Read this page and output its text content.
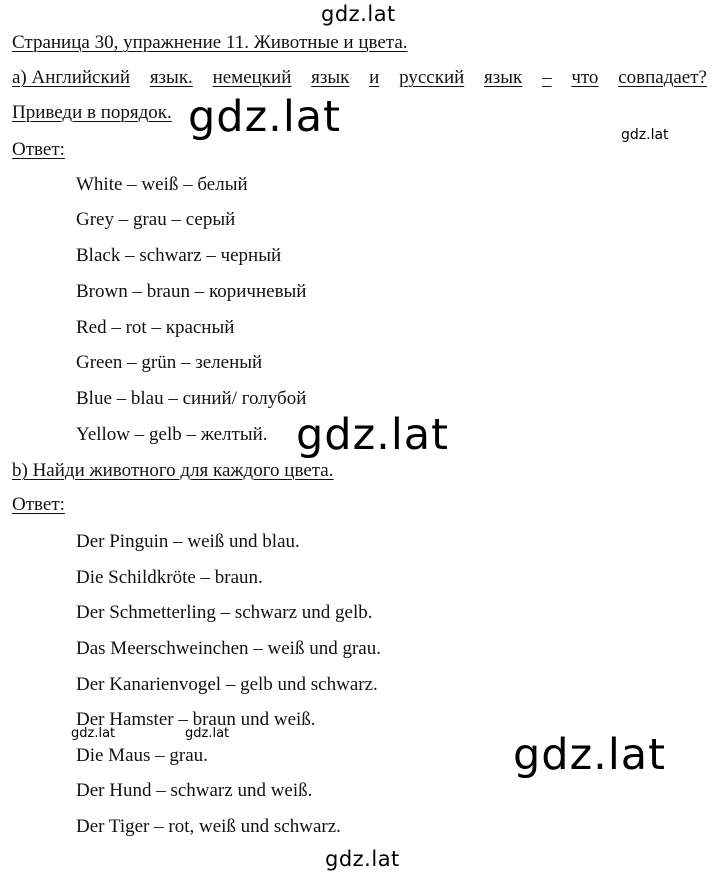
gdz.lat
gdz.lat	gdz.lat
gdz.lat
gdz.lat	gdz.lat	gdz.lat
gdz.lat
Страница 30, упражнение 11. Животные и цвета.
а) Английский язык. немецкий язык и русский язык – что совпадает?
Приведи в порядок.
Ответ:
White – weiß – белый
Grey – grau – серый
Black – schwarz – черный
Brown – braun – коричневый
Red – rot – красный
Green – grün – зеленый
Blue – blau – синий/ голубой
Yellow – gelb – желтый.
b) Найди животного для каждого цвета.
Ответ:
Der Pinguin – weiß und blau.
Die Schildkröte – braun.
Der Schmetterling – schwarz und gelb.
Das Meerschweinchen – weiß und grau.
Der Kanarienvogel – gelb und schwarz.
Der Hamster – braun und weiß.
Die Maus – grau.
Der Hund – schwarz und weiß.
Der Tiger – rot, weiß und schwarz.
